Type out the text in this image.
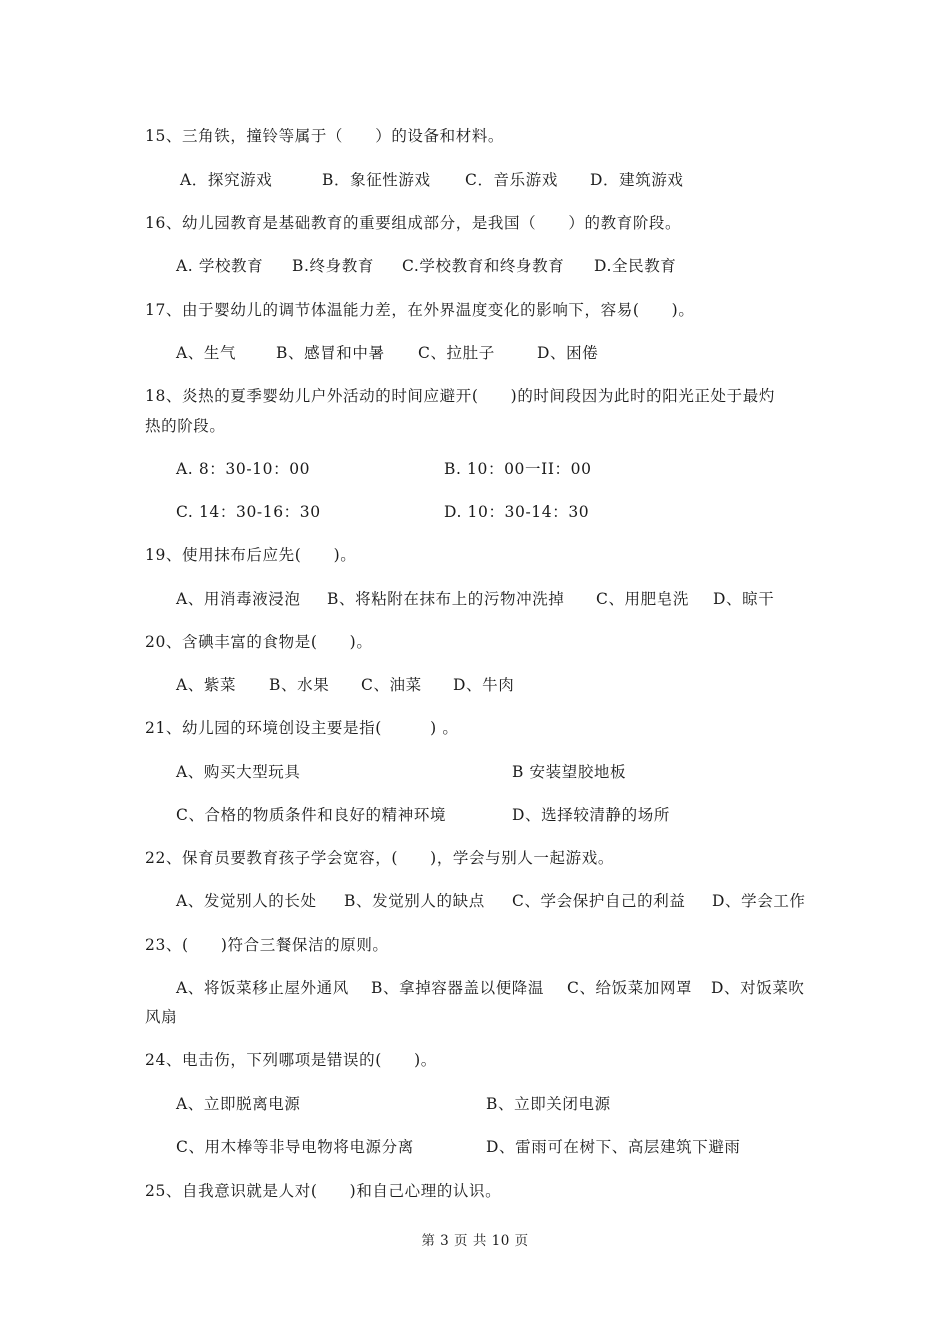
15、三角铁，撞铃等属于（　　）的设备和材料。
A．探究游戏	B．象征性游戏 C．音乐游戏 D．建筑游戏
16、幼儿园教育是基础教育的重要组成部分，是我国（　　）的教育阶段。
A. 学校教育 B.终身教育 C.学校教育和终身教育 D.全民教育
17、由于婴幼儿的调节体温能力差，在外界温度变化的影响下，容易(　　)。
A、生气	B、感冒和中暑 C、拉肚子	D、困倦
18、炎热的夏季婴幼儿户外活动的时间应避开(　　)的时间段因为此时的阳光正处于最灼
热的阶段。
A. 8：30-10：00	B. 10：00一II：00
C. 14：30-16：30	D. 10：30-14：30
19、使用抹布后应先(　　)。
A、用消毒液浸泡 B、将粘附在抹布上的污物冲洗掉 C、用肥皂洗 D、晾干
20、含碘丰富的食物是(　　)。
A、紫菜 B、水果 C、油菜 D、牛肉
21、幼儿园的环境创设主要是指(　　　) 。
A、购买大型玩具	B 安装望胶地板
C、合格的物质条件和良好的精神环境	D、选择较清静的场所
22、保育员要教育孩子学会宽容，(　　)，学会与别人一起游戏。
A、发觉别人的长处 B、发觉别人的缺点 C、学会保护自己的利益 D、学会工作
23、(　　)符合三餐保洁的原则。
A、将饭菜移止屋外通风 B、拿掉容器盖以便降温 C、给饭菜加网罩 D、对饭菜吹
风扇
24、电击伤，下列哪项是错误的(　　)。
A、立即脱离电源	B、立即关闭电源
C、用木棒等非导电物将电源分离	D、雷雨可在树下、高层建筑下避雨
25、自我意识就是人对(　　)和自己心理的认识。
第 3 页 共 10 页
